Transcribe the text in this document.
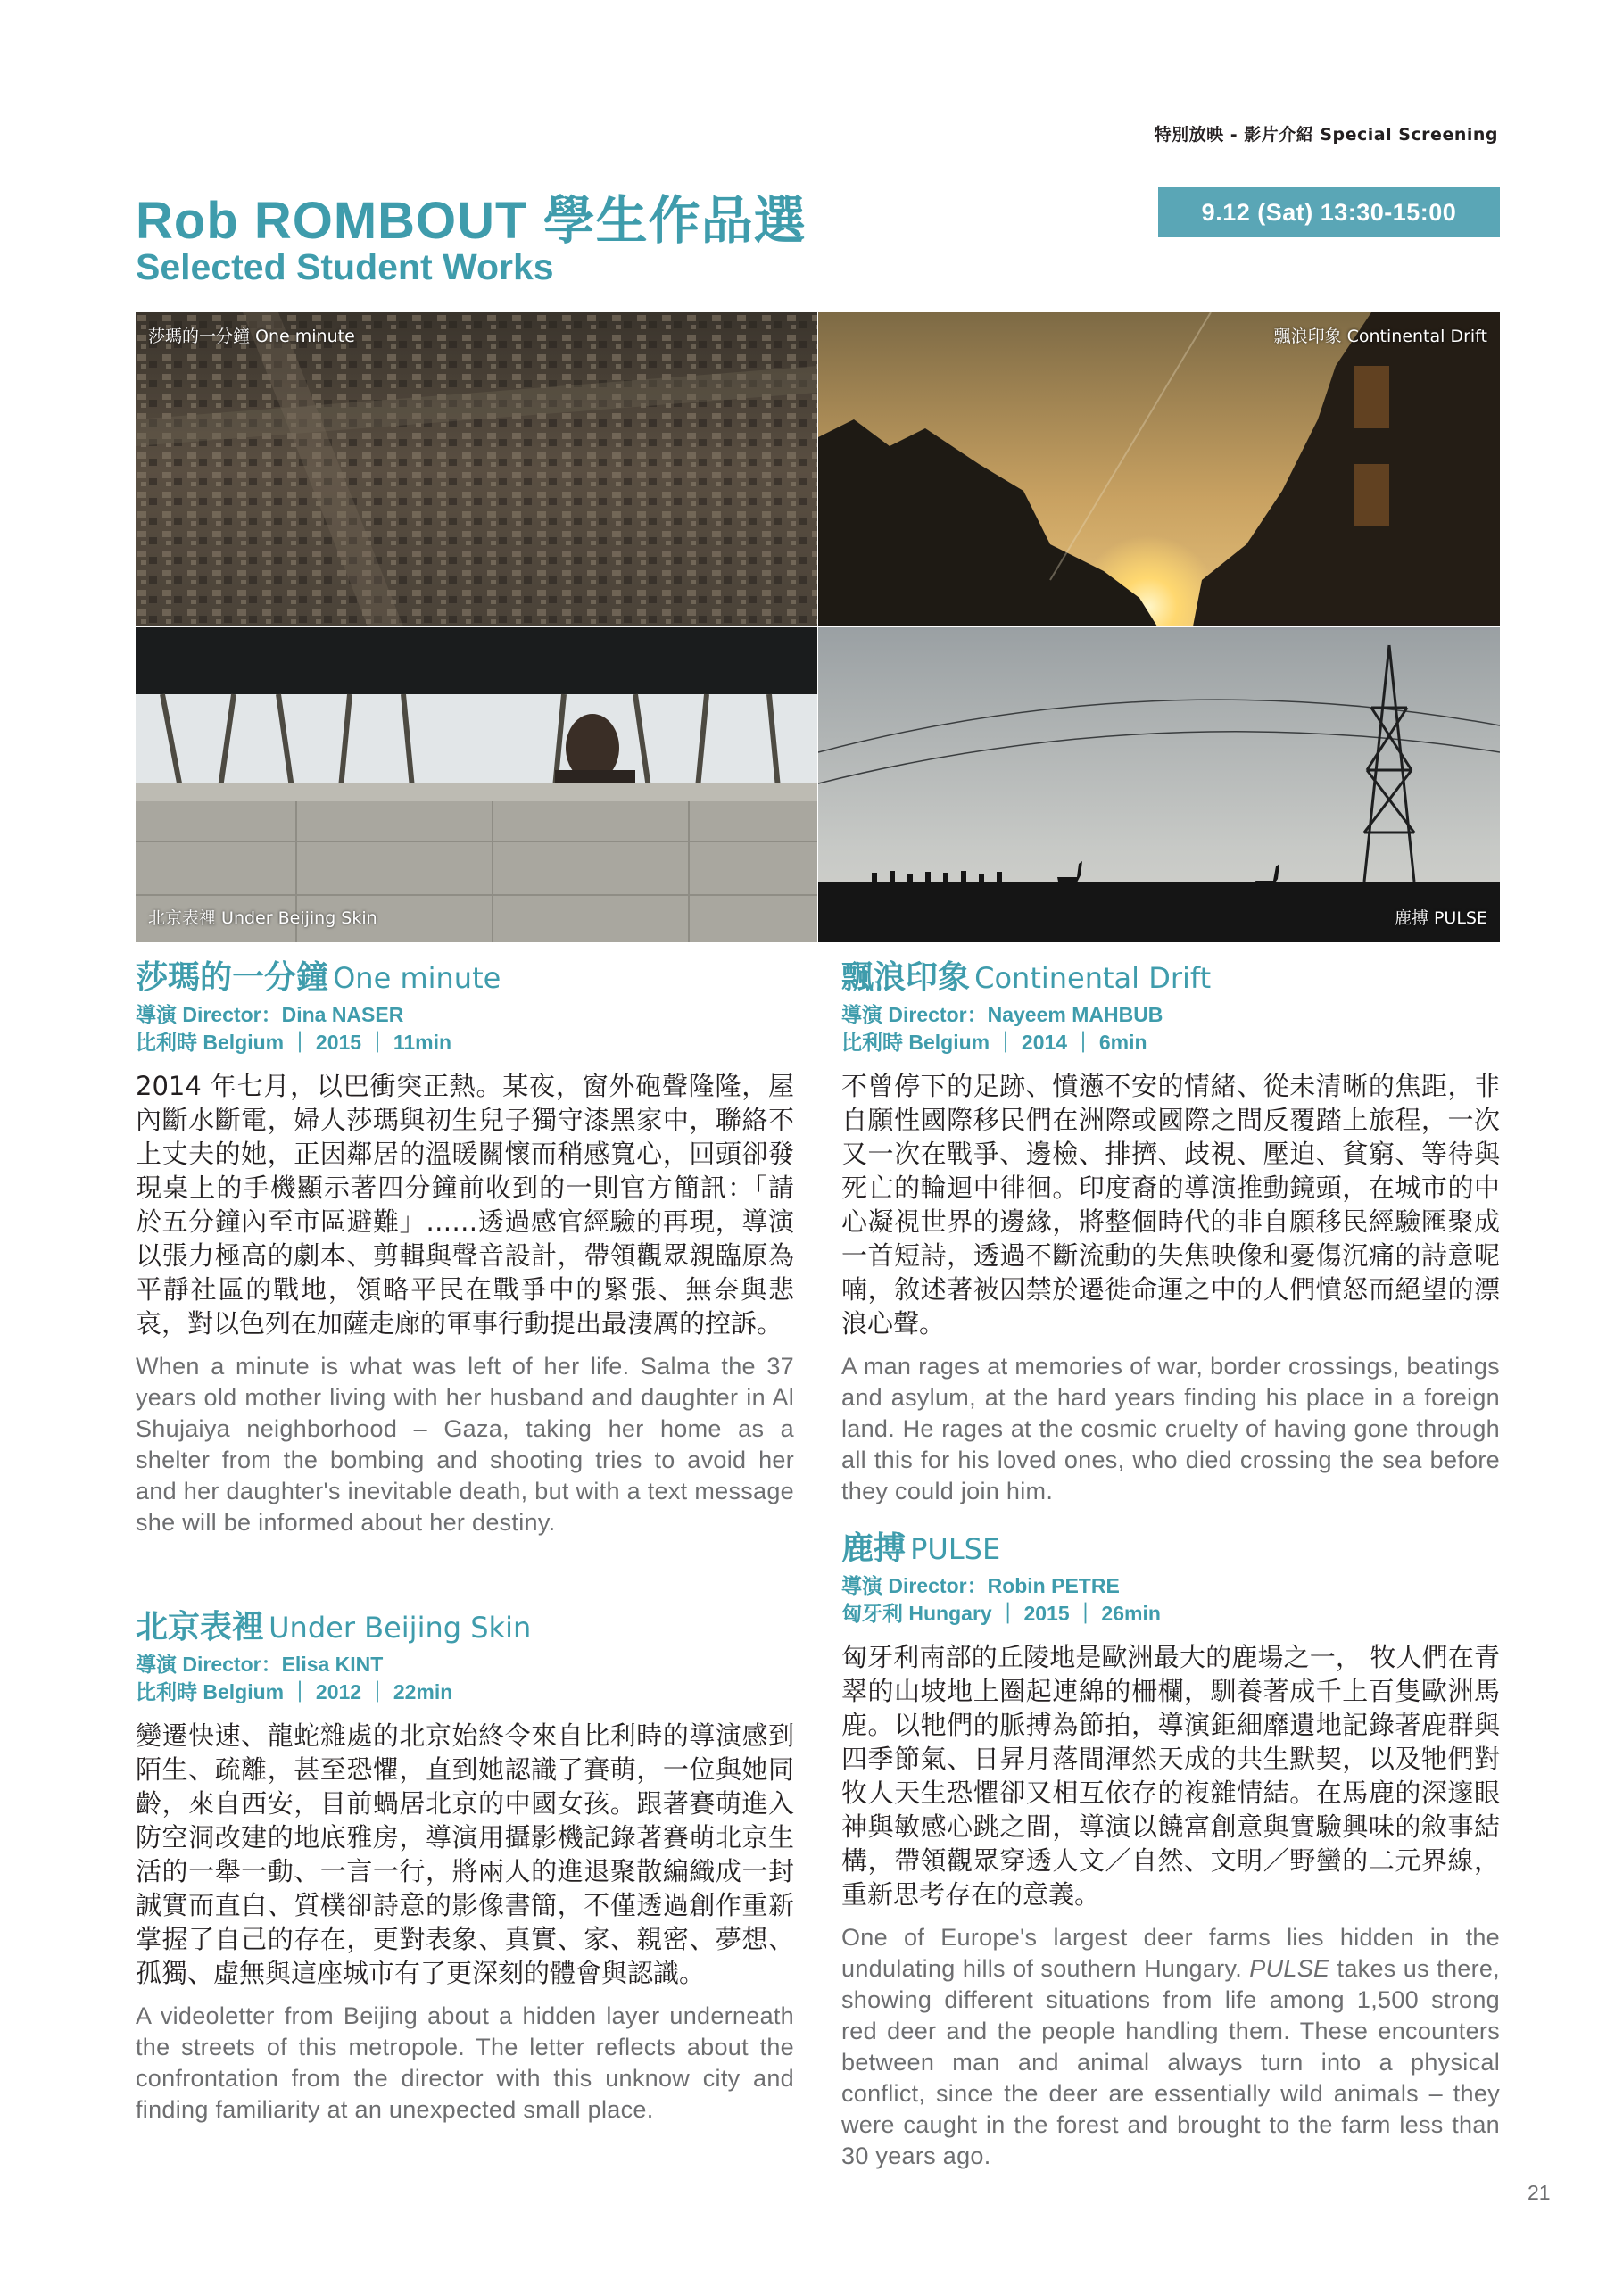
特別放映 - 影片介紹 Special Screening
Rob ROMBOUT 學生作品選
Selected Student Works
9.12 (Sat) 13:30-15:00
莎瑪的一分鐘 One minute	飄浪印象 Continental Drift
北京表裡 Under Beijing Skin	鹿搏 PULSE
莎瑪的一分鐘 One minute
導演 Director：Dina NASER
比利時 Belgium ｜ 2015 ｜ 11min
2014 年七月，以巴衝突正熱。某夜，窗外砲聲隆隆，屋內斷水斷電，婦人莎瑪與初生兒子獨守漆黑家中，聯絡不上丈夫的她，正因鄰居的溫暖關懷而稍感寬心，回頭卻發現桌上的手機顯示著四分鐘前收到的一則官方簡訊：「請於五分鐘內至市區避難」……透過感官經驗的再現，導演以張力極高的劇本、剪輯與聲音設計，帶領觀眾親臨原為平靜社區的戰地，領略平民在戰爭中的緊張、無奈與悲哀，對以色列在加薩走廊的軍事行動提出最淒厲的控訴。
When a minute is what was left of her life. Salma the 37 years old mother living with her husband and daughter in Al Shujaiya neighborhood – Gaza, taking her home as a shelter from the bombing and shooting tries to avoid her and her daughter's inevitable death, but with a text message she will be informed about her destiny.
北京表裡 Under Beijing Skin
導演 Director：Elisa KINT
比利時 Belgium ｜ 2012 ｜ 22min
變遷快速、龍蛇雜處的北京始終令來自比利時的導演感到陌生、疏離，甚至恐懼，直到她認識了賽萌，一位與她同齡，來自西安，目前蝸居北京的中國女孩。跟著賽萌進入防空洞改建的地底雅房，導演用攝影機記錄著賽萌北京生活的一舉一動、一言一行，將兩人的進退聚散編織成一封誠實而直白、質樸卻詩意的影像書簡，不僅透過創作重新掌握了自己的存在，更對表象、真實、家、親密、夢想、孤獨、虛無與這座城市有了更深刻的體會與認識。
A videoletter from Beijing about a hidden layer underneath the streets of this metropole. The letter reflects about the confrontation from the director with this unknow city and finding familiarity at an unexpected small place.
飄浪印象 Continental Drift
導演 Director：Nayeem MAHBUB
比利時 Belgium ｜ 2014 ｜ 6min
不曾停下的足跡、憤懣不安的情緒、從未清晰的焦距，非自願性國際移民們在洲際或國際之間反覆踏上旅程，一次又一次在戰爭、邊檢、排擠、歧視、壓迫、貧窮、等待與死亡的輪迴中徘徊。印度裔的導演推動鏡頭，在城市的中心凝視世界的邊緣，將整個時代的非自願移民經驗匯聚成一首短詩，透過不斷流動的失焦映像和憂傷沉痛的詩意呢喃，敘述著被囚禁於遷徙命運之中的人們憤怒而絕望的漂浪心聲。
A man rages at memories of war, border crossings, beatings and asylum, at the hard years finding his place in a foreign land. He rages at the cosmic cruelty of having gone through all this for his loved ones, who died crossing the sea before they could join him.
鹿搏 PULSE
導演 Director：Robin PETRE
匈牙利 Hungary ｜ 2015 ｜ 26min
匈牙利南部的丘陵地是歐洲最大的鹿場之一， 牧人們在青翠的山坡地上圈起連綿的柵欄，馴養著成千上百隻歐洲馬鹿。以牠們的脈搏為節拍，導演鉅細靡遺地記錄著鹿群與四季節氣、日昇月落間渾然天成的共生默契，以及牠們對牧人天生恐懼卻又相互依存的複雜情結。在馬鹿的深邃眼神與敏感心跳之間，導演以饒富創意與實驗興味的敘事結構，帶領觀眾穿透人文／自然、文明／野蠻的二元界線，重新思考存在的意義。
One of Europe's largest deer farms lies hidden in the undulating hills of southern Hungary. PULSE takes us there, showing different situations from life among 1,500 strong red deer and the people handling them. These encounters between man and animal always turn into a physical conflict, since the deer are essentially wild animals – they were caught in the forest and brought to the farm less than 30 years ago.
21
